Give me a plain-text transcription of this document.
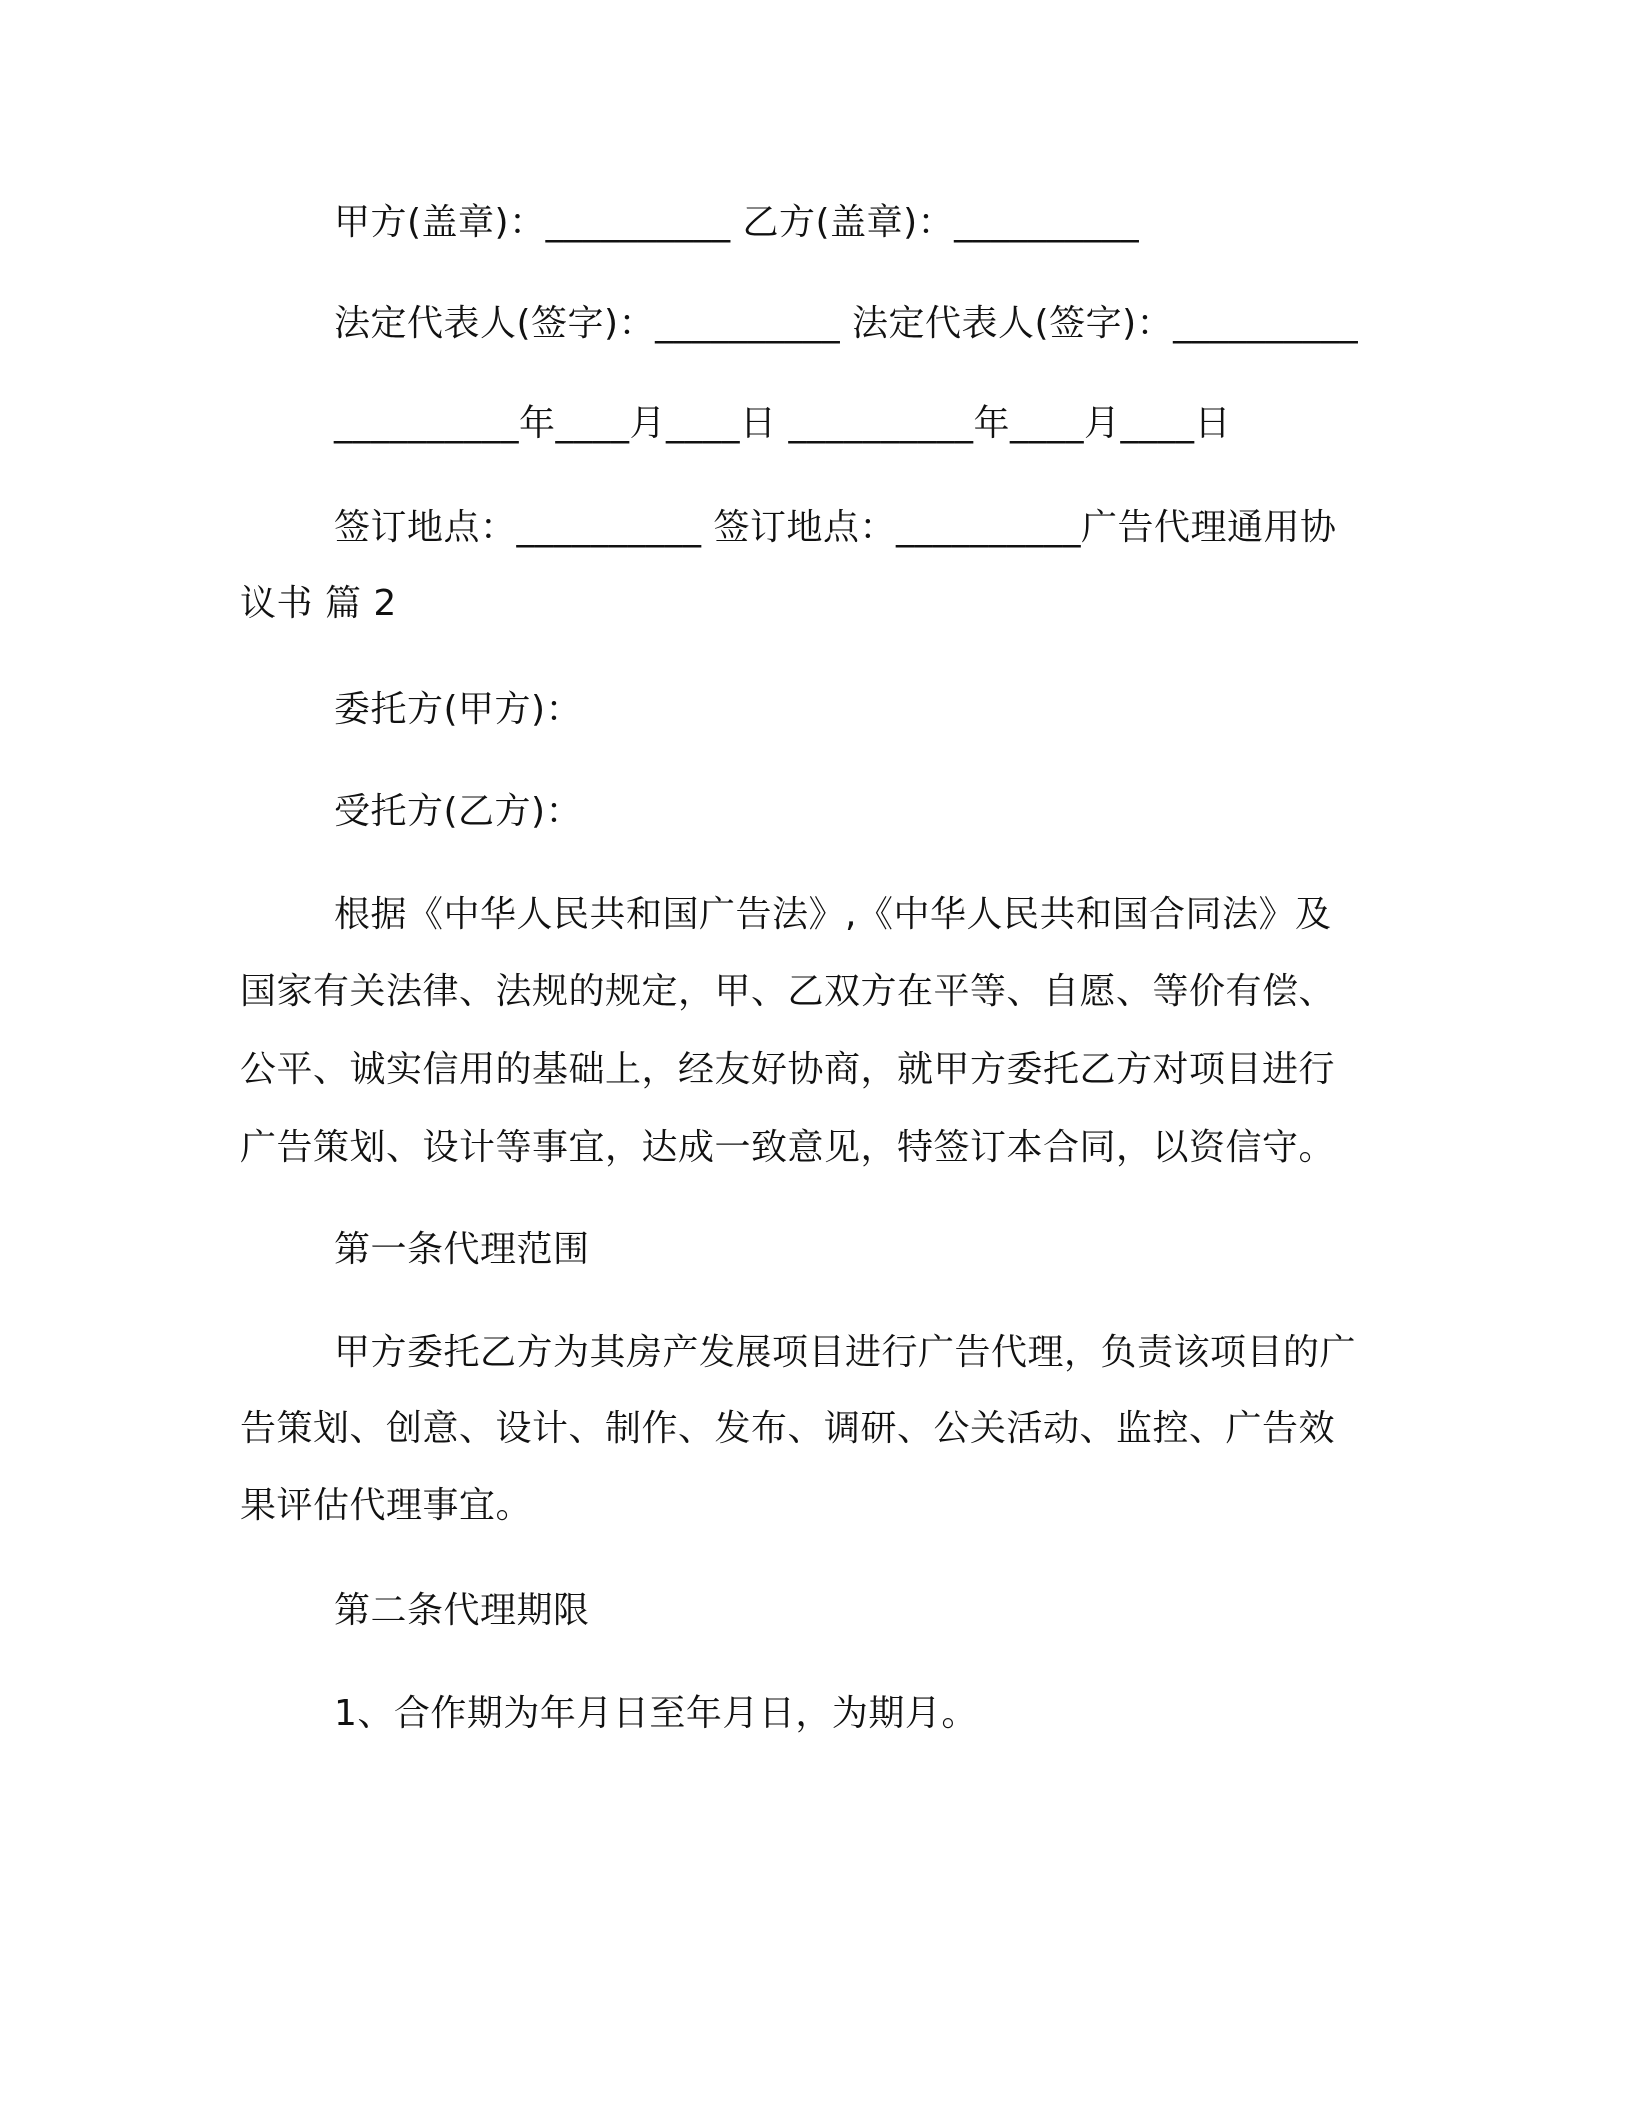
甲方(盖章)：__________ 乙方(盖章)：__________
法定代表人(签字)：__________ 法定代表人(签字)：__________
__________年____月____日 __________年____月____日
签订地点：__________ 签订地点：__________广告代理通用协
议书 篇 2
委托方(甲方)：
受托方(乙方)：
根据《中华人民共和国广告法》,《中华人民共和国合同法》及
国家有关法律、法规的规定，甲、乙双方在平等、自愿、等价有偿、
公平、诚实信用的基础上，经友好协商，就甲方委托乙方对项目进行
广告策划、设计等事宜，达成一致意见，特签订本合同，以资信守。
第一条代理范围
甲方委托乙方为其房产发展项目进行广告代理，负责该项目的广
告策划、创意、设计、制作、发布、调研、公关活动、监控、广告效
果评估代理事宜。
第二条代理期限
1、合作期为年月日至年月日，为期月。
